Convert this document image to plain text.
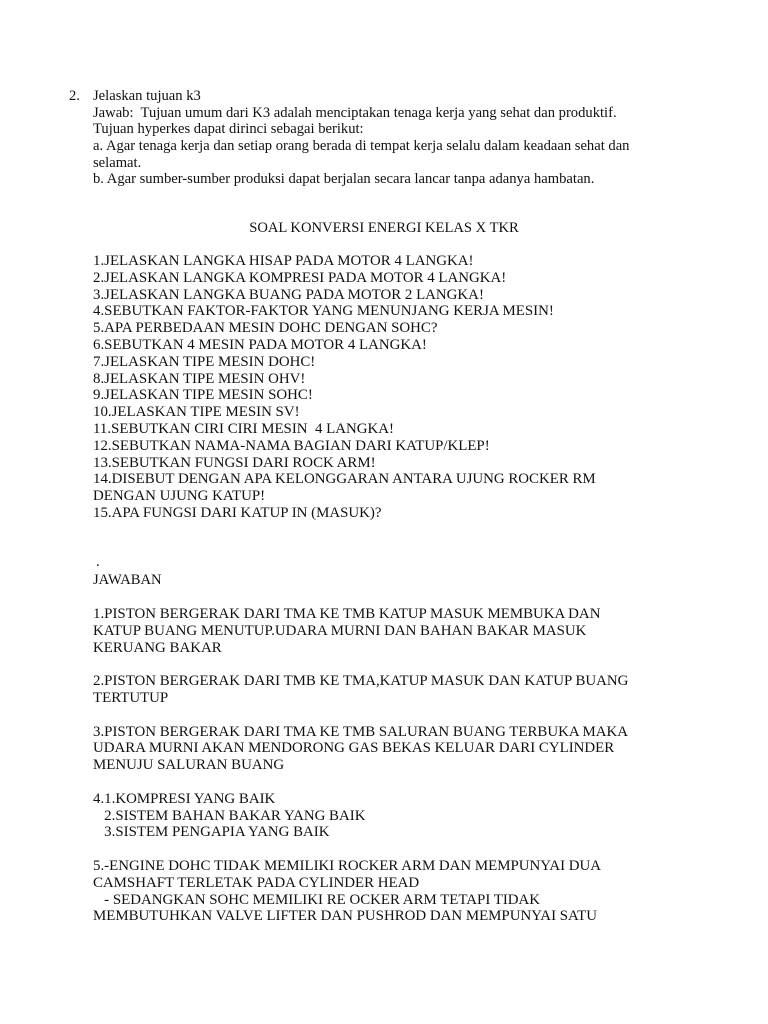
2. Jelaskan tujuan k3
Jawab:  Tujuan umum dari K3 adalah menciptakan tenaga kerja yang sehat dan produktif.
Tujuan hyperkes dapat dirinci sebagai berikut:
a. Agar tenaga kerja dan setiap orang berada di tempat kerja selalu dalam keadaan sehat dan
selamat.
b. Agar sumber-sumber produksi dapat berjalan secara lancar tanpa adanya hambatan.
SOAL KONVERSI ENERGI KELAS X TKR
1.JELASKAN LANGKA HISAP PADA MOTOR 4 LANGKA!
2.JELASKAN LANGKA KOMPRESI PADA MOTOR 4 LANGKA!
3.JELASKAN LANGKA BUANG PADA MOTOR 2 LANGKA!
4.SEBUTKAN FAKTOR-FAKTOR YANG MENUNJANG KERJA MESIN!
5.APA PERBEDAAN MESIN DOHC DENGAN SOHC?
6.SEBUTKAN 4 MESIN PADA MOTOR 4 LANGKA!
7.JELASKAN TIPE MESIN DOHC!
8.JELASKAN TIPE MESIN OHV!
9.JELASKAN TIPE MESIN SOHC!
10.JELASKAN TIPE MESIN SV!
11.SEBUTKAN CIRI CIRI MESIN  4 LANGKA!
12.SEBUTKAN NAMA-NAMA BAGIAN DARI KATUP/KLEP!
13.SEBUTKAN FUNGSI DARI ROCK ARM!
14.DISEBUT DENGAN APA KELONGGARAN ANTARA UJUNG ROCKER RM
DENGAN UJUNG KATUP!
15.APA FUNGSI DARI KATUP IN (MASUK)?
.
JAWABAN
1.PISTON BERGERAK DARI TMA KE TMB KATUP MASUK MEMBUKA DAN
KATUP BUANG MENUTUP.UDARA MURNI DAN BAHAN BAKAR MASUK
KERUANG BAKAR
2.PISTON BERGERAK DARI TMB KE TMA,KATUP MASUK DAN KATUP BUANG
TERTUTUP
3.PISTON BERGERAK DARI TMA KE TMB SALURAN BUANG TERBUKA MAKA
UDARA MURNI AKAN MENDORONG GAS BEKAS KELUAR DARI CYLINDER
MENUJU SALURAN BUANG
4.1.KOMPRESI YANG BAIK
2.SISTEM BAHAN BAKAR YANG BAIK
3.SISTEM PENGAPIA YANG BAIK
5.-ENGINE DOHC TIDAK MEMILIKI ROCKER ARM DAN MEMPUNYAI DUA
CAMSHAFT TERLETAK PADA CYLINDER HEAD
- SEDANGKAN SOHC MEMILIKI RE OCKER ARM TETAPI TIDAK
MEMBUTUHKAN VALVE LIFTER DAN PUSHROD DAN MEMPUNYAI SATU
